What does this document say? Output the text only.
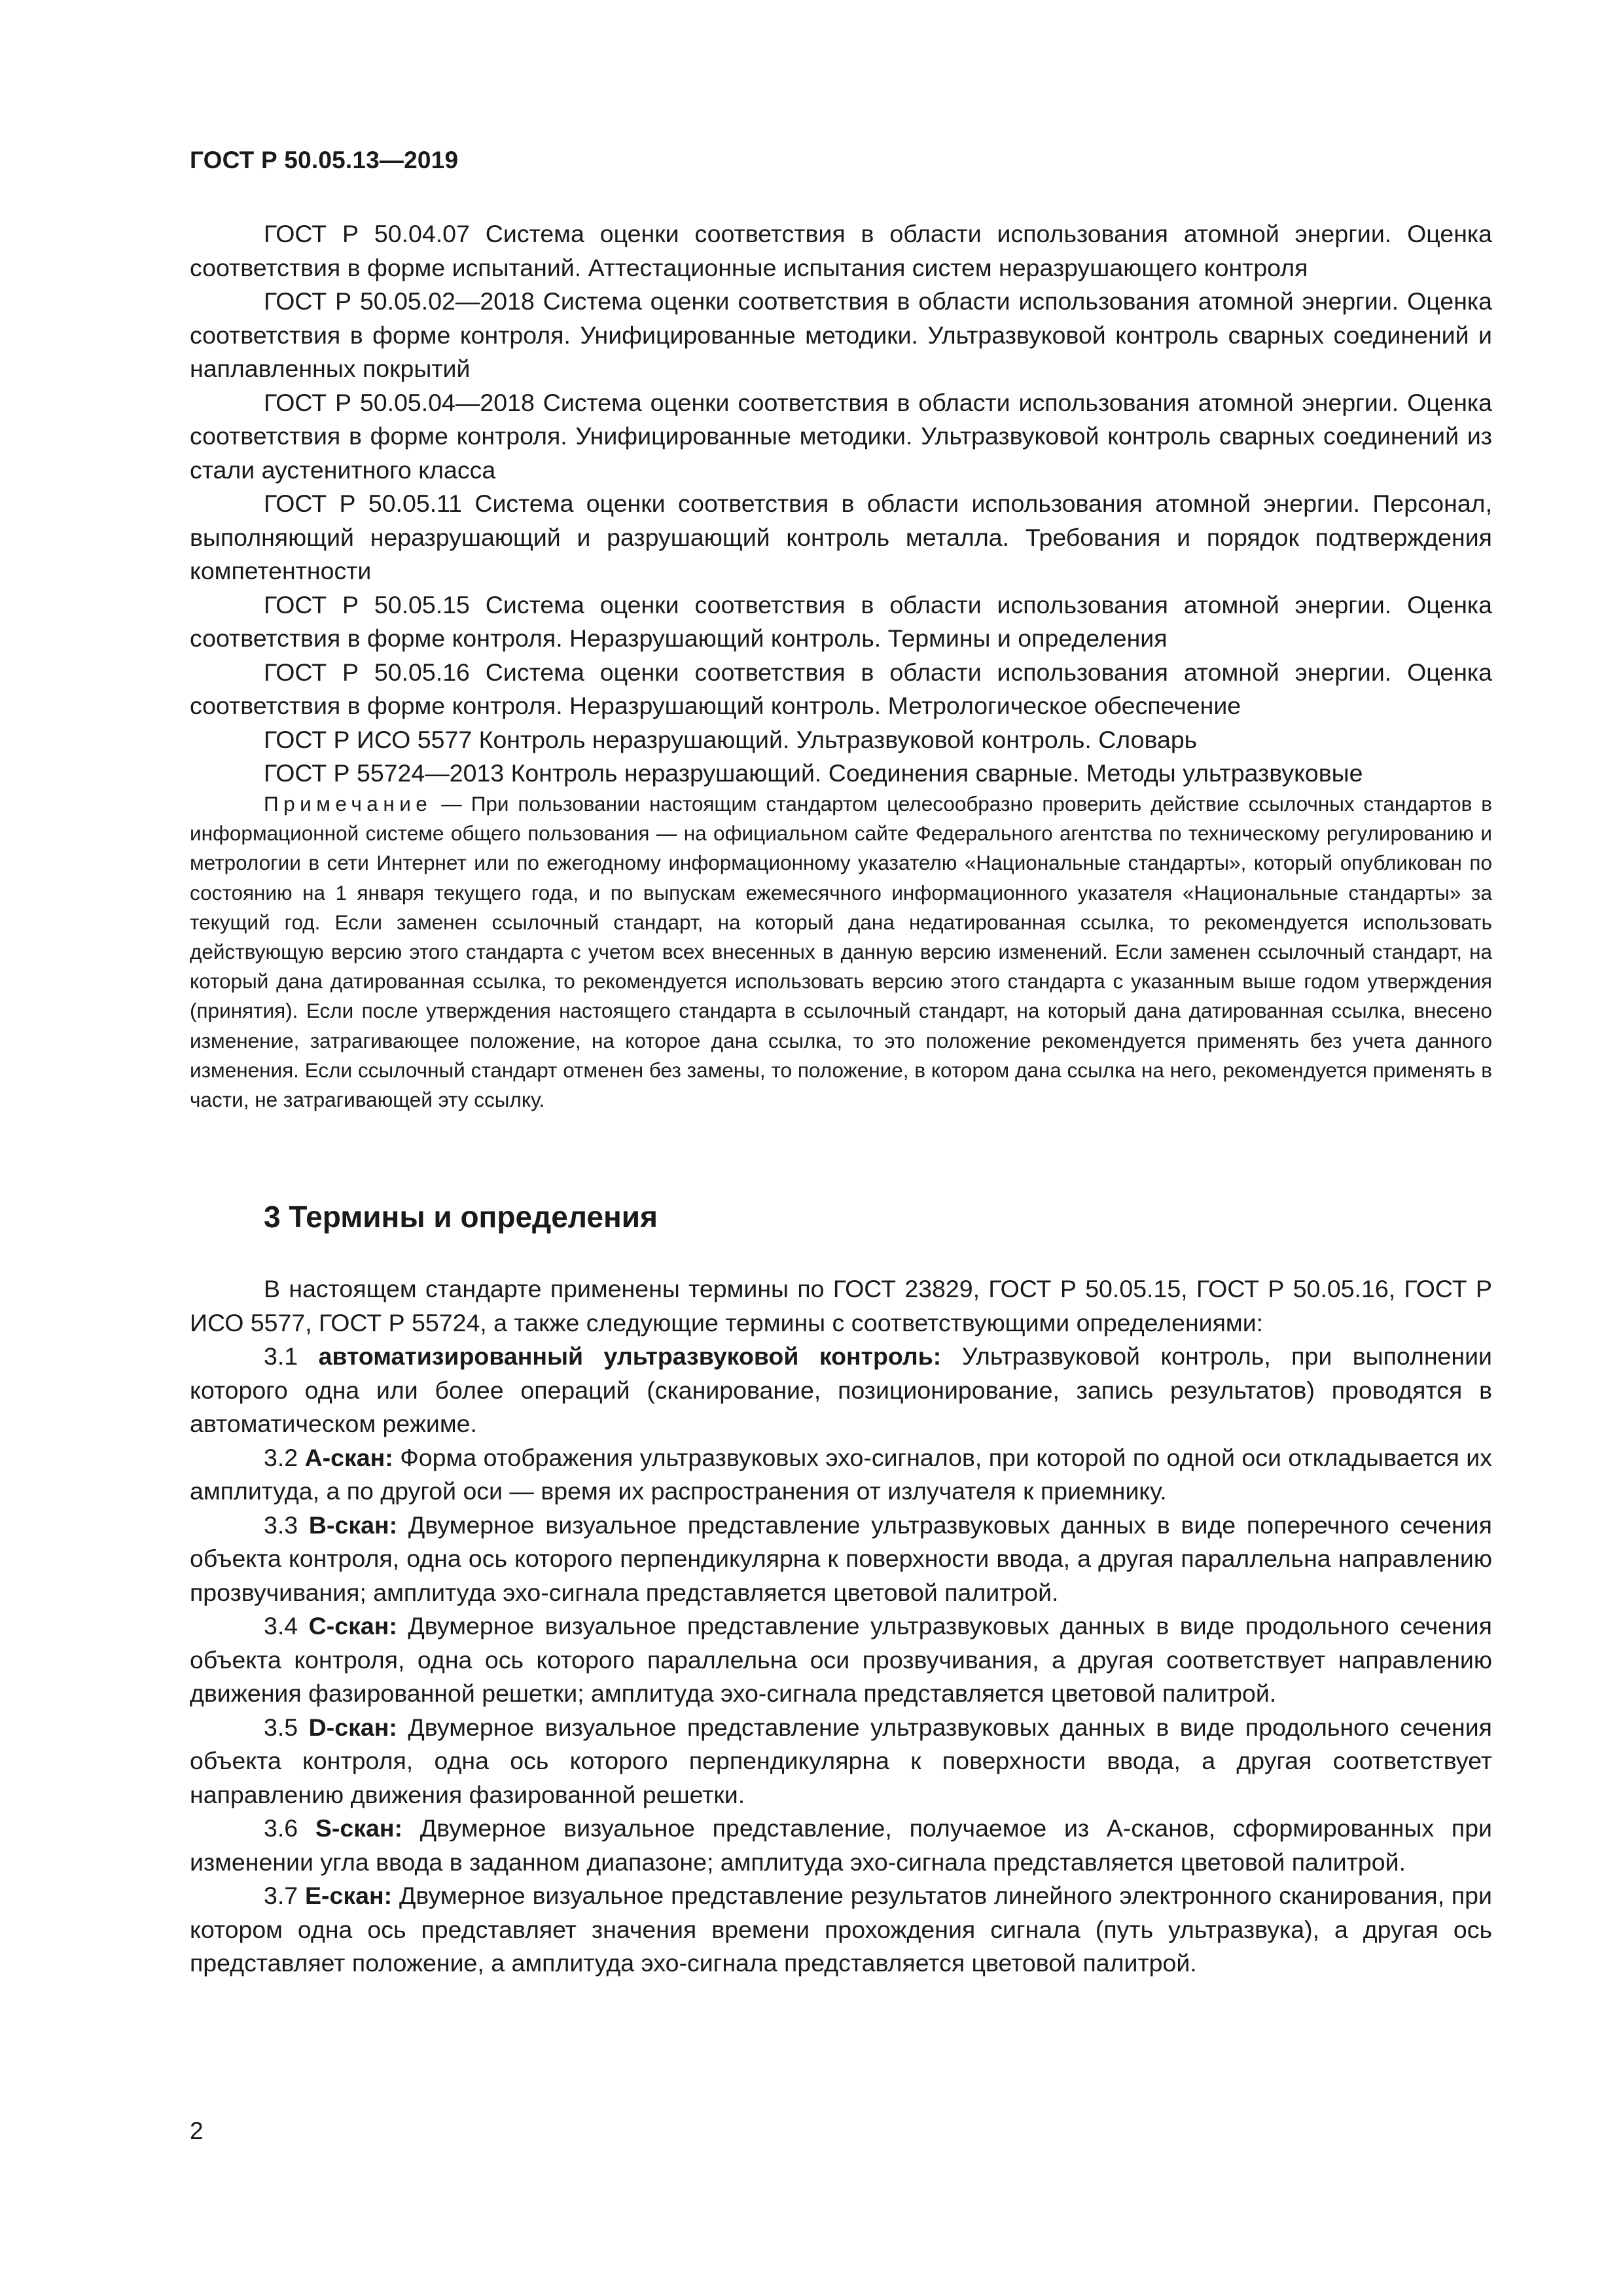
ГОСТ Р 50.05.13—2019

ГОСТ Р 50.04.07 Система оценки соответствия в области использования атомной энергии. Оценка соответствия в форме испытаний. Аттестационные испытания систем неразрушающего контроля

ГОСТ Р 50.05.02—2018 Система оценки соответствия в области использования атомной энергии. Оценка соответствия в форме контроля. Унифицированные методики. Ультразвуковой контроль сварных соединений и наплавленных покрытий

ГОСТ Р 50.05.04—2018 Система оценки соответствия в области использования атомной энергии. Оценка соответствия в форме контроля. Унифицированные методики. Ультразвуковой контроль сварных соединений из стали аустенитного класса

ГОСТ Р 50.05.11 Система оценки соответствия в области использования атомной энергии. Персонал, выполняющий неразрушающий и разрушающий контроль металла. Требования и порядок подтверждения компетентности

ГОСТ Р 50.05.15 Система оценки соответствия в области использования атомной энергии. Оценка соответствия в форме контроля. Неразрушающий контроль. Термины и определения

ГОСТ Р 50.05.16 Система оценки соответствия в области использования атомной энергии. Оценка соответствия в форме контроля. Неразрушающий контроль. Метрологическое обеспечение

ГОСТ Р ИСО 5577 Контроль неразрушающий. Ультразвуковой контроль. Словарь

ГОСТ Р 55724—2013 Контроль неразрушающий. Соединения сварные. Методы ультразвуковые

Примечание — При пользовании настоящим стандартом целесообразно проверить действие ссылочных стандартов в информационной системе общего пользования — на официальном сайте Федерального агентства по техническому регулированию и метрологии в сети Интернет или по ежегодному информационному указателю «Национальные стандарты», который опубликован по состоянию на 1 января текущего года, и по выпускам ежемесячного информационного указателя «Национальные стандарты» за текущий год. Если заменен ссылочный стандарт, на который дана недатированная ссылка, то рекомендуется использовать действующую версию этого стандарта с учетом всех внесенных в данную версию изменений. Если заменен ссылочный стандарт, на который дана датированная ссылка, то рекомендуется использовать версию этого стандарта с указанным выше годом утверждения (принятия). Если после утверждения настоящего стандарта в ссылочный стандарт, на который дана датированная ссылка, внесено изменение, затрагивающее положение, на которое дана ссылка, то это положение рекомендуется применять без учета данного изменения. Если ссылочный стандарт отменен без замены, то положение, в котором дана ссылка на него, рекомендуется применять в части, не затрагивающей эту ссылку.

3 Термины и определения

В настоящем стандарте применены термины по ГОСТ 23829, ГОСТ Р 50.05.15, ГОСТ Р 50.05.16, ГОСТ Р ИСО 5577, ГОСТ Р 55724, а также следующие термины с соответствующими определениями:

3.1 автоматизированный ультразвуковой контроль: Ультразвуковой контроль, при выполнении которого одна или более операций (сканирование, позиционирование, запись результатов) проводятся в автоматическом режиме.

3.2 А-скан: Форма отображения ультразвуковых эхо-сигналов, при которой по одной оси откладывается их амплитуда, а по другой оси — время их распространения от излучателя к приемнику.

3.3 В-скан: Двумерное визуальное представление ультразвуковых данных в виде поперечного сечения объекта контроля, одна ось которого перпендикулярна к поверхности ввода, а другая параллельна направлению прозвучивания; амплитуда эхо-сигнала представляется цветовой палитрой.

3.4 С-скан: Двумерное визуальное представление ультразвуковых данных в виде продольного сечения объекта контроля, одна ось которого параллельна оси прозвучивания, а другая соответствует направлению движения фазированной решетки; амплитуда эхо-сигнала представляется цветовой палитрой.

3.5 D-скан: Двумерное визуальное представление ультразвуковых данных в виде продольного сечения объекта контроля, одна ось которого перпендикулярна к поверхности ввода, а другая соответствует направлению движения фазированной решетки.

3.6 S-скан: Двумерное визуальное представление, получаемое из А-сканов, сформированных при изменении угла ввода в заданном диапазоне; амплитуда эхо-сигнала представляется цветовой палитрой.

3.7 Е-скан: Двумерное визуальное представление результатов линейного электронного сканирования, при котором одна ось представляет значения времени прохождения сигнала (путь ультразвука), а другая ось представляет положение, а амплитуда эхо-сигнала представляется цветовой палитрой.

2
